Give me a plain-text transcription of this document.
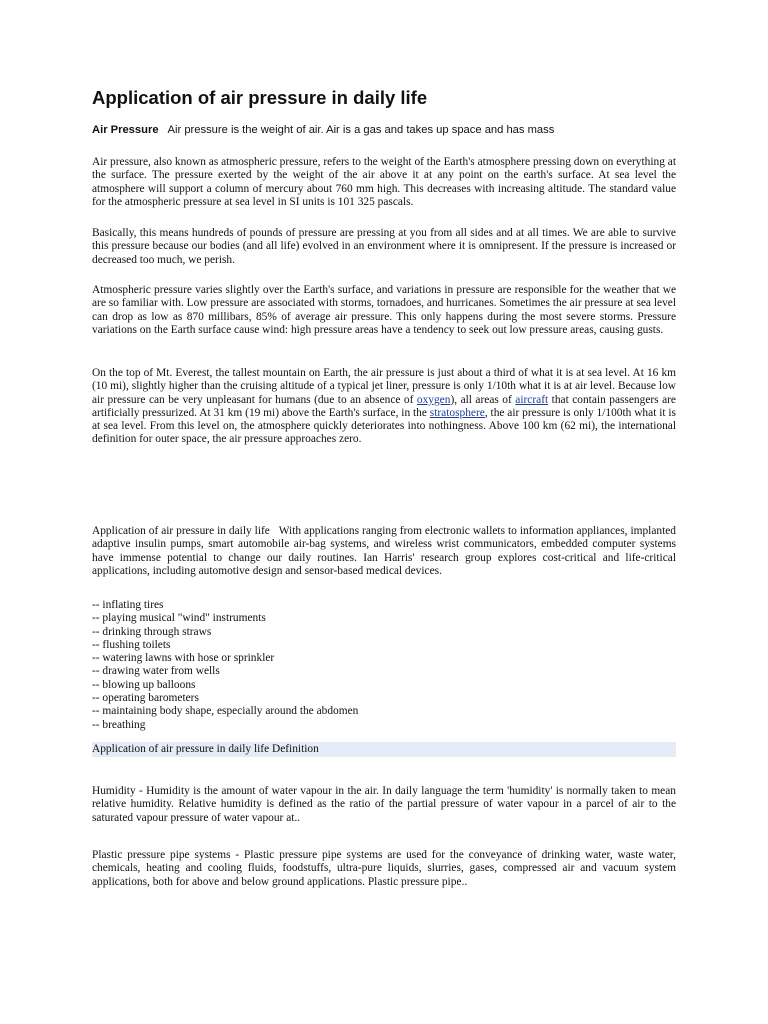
Application of air pressure in daily life
Air Pressure Air pressure is the weight of air. Air is a gas and takes up space and has mass

Air pressure, also known as atmospheric pressure, refers to the weight of the Earth's atmosphere pressing down on everything at the surface. The pressure exerted by the weight of the air above it at any point on the earth's surface. At sea level the atmosphere will support a column of mercury about 760 mm high. This decreases with increasing altitude. The standard value for the atmospheric pressure at sea level in SI units is 101 325 pascals.

Basically, this means hundreds of pounds of pressure are pressing at you from all sides and at all times. We are able to survive this pressure because our bodies (and all life) evolved in an environment where it is omnipresent. If the pressure is increased or decreased too much, we perish.

Atmospheric pressure varies slightly over the Earth's surface, and variations in pressure are responsible for the weather that we are so familiar with. Low pressure are associated with storms, tornadoes, and hurricanes. Sometimes the air pressure at sea level can drop as low as 870 millibars, 85% of average air pressure. This only happens during the most severe storms. Pressure variations on the Earth surface cause wind: high pressure areas have a tendency to seek out low pressure areas, causing gusts.

On the top of Mt. Everest, the tallest mountain on Earth, the air pressure is just about a third of what it is at sea level. At 16 km (10 mi), slightly higher than the cruising altitude of a typical jet liner, pressure is only 1/10th what it is at air level. Because low air pressure can be very unpleasant for humans (due to an absence of oxygen), all areas of aircraft that contain passengers are artificially pressurized. At 31 km (19 mi) above the Earth's surface, in the stratosphere, the air pressure is only 1/100th what it is at sea level. From this level on, the atmosphere quickly deteriorates into nothingness. Above 100 km (62 mi), the international definition for outer space, the air pressure approaches zero.

Application of air pressure in daily life   With applications ranging from electronic wallets to information appliances, implanted adaptive insulin pumps, smart automobile air-bag systems, and wireless wrist communicators, embedded computer systems have immense potential to change our daily routines. Ian Harris' research group explores cost-critical and life-critical applications, including automotive design and sensor-based medical devices.

-- inflating tires
-- playing musical "wind" instruments
-- drinking through straws
-- flushing toilets
-- watering lawns with hose or sprinkler
-- drawing water from wells
-- blowing up balloons
-- operating barometers
-- maintaining body shape, especially around the abdomen
-- breathing
Application of air pressure in daily life Definition

Humidity - Humidity is the amount of water vapour in the air. In daily language the term 'humidity' is normally taken to mean relative humidity. Relative humidity is defined as the ratio of the partial pressure of water vapour in a parcel of air to the saturated vapour pressure of water vapour at..

Plastic pressure pipe systems - Plastic pressure pipe systems are used for the conveyance of drinking water, waste water, chemicals, heating and cooling fluids, foodstuffs, ultra-pure liquids, slurries, gases, compressed air and vacuum system applications, both for above and below ground applications. Plastic pressure pipe..
